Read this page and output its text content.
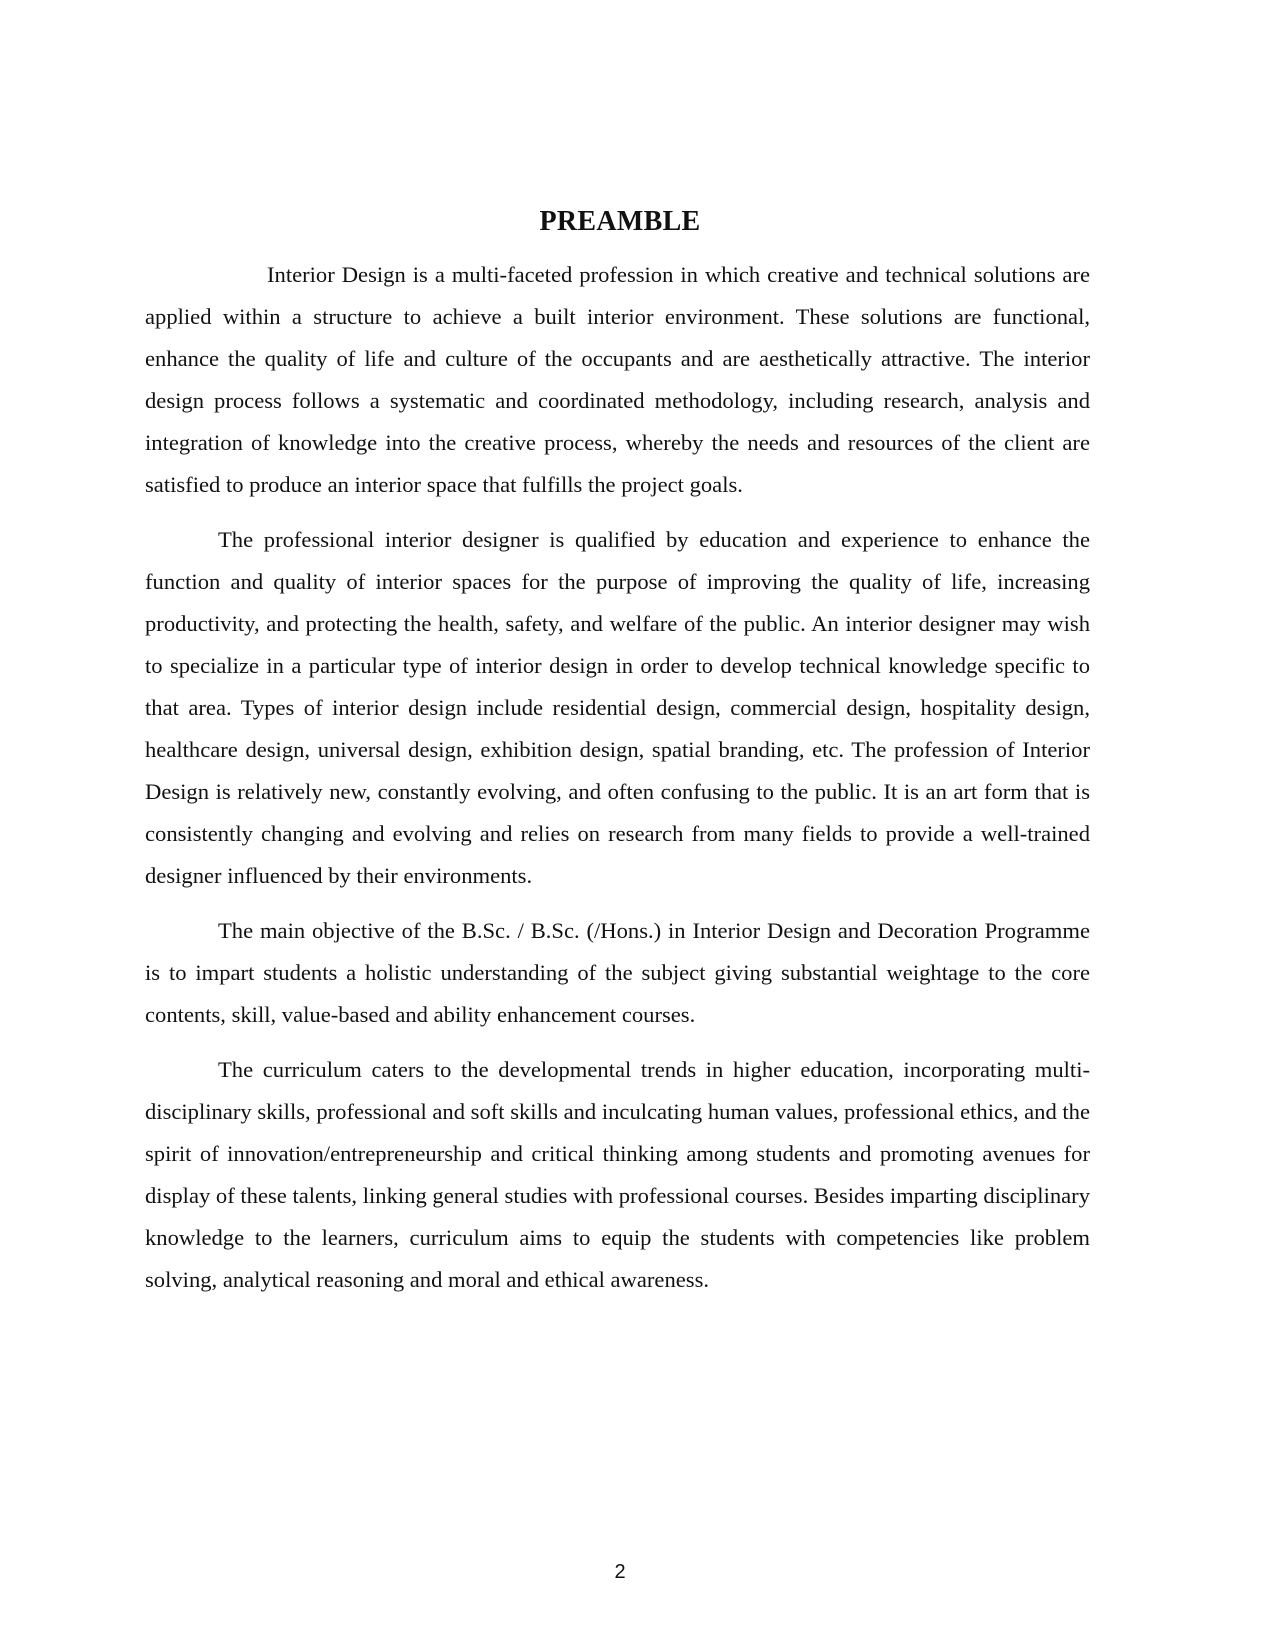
PREAMBLE

Interior Design is a multi-faceted profession in which creative and technical solutions are applied within a structure to achieve a built interior environment. These solutions are functional, enhance the quality of life and culture of the occupants and are aesthetically attractive. The interior design process follows a systematic and coordinated methodology, including research, analysis and integration of knowledge into the creative process, whereby the needs and resources of the client are satisfied to produce an interior space that fulfills the project goals.

The professional interior designer is qualified by education and experience to enhance the function and quality of interior spaces for the purpose of improving the quality of life, increasing productivity, and protecting the health, safety, and welfare of the public. An interior designer may wish to specialize in a particular type of interior design in order to develop technical knowledge specific to that area. Types of interior design include residential design, commercial design, hospitality design, healthcare design, universal design, exhibition design, spatial branding, etc. The profession of Interior Design is relatively new, constantly evolving, and often confusing to the public. It is an art form that is consistently changing and evolving and relies on research from many fields to provide a well-trained designer influenced by their environments.

The main objective of the B.Sc. / B.Sc. (/Hons.) in Interior Design and Decoration Programme is to impart students a holistic understanding of the subject giving substantial weightage to the core contents, skill, value-based and ability enhancement courses.

The curriculum caters to the developmental trends in higher education, incorporating multi-disciplinary skills, professional and soft skills and inculcating human values, professional ethics, and the spirit of innovation/entrepreneurship and critical thinking among students and promoting avenues for display of these talents, linking general studies with professional courses. Besides imparting disciplinary knowledge to the learners, curriculum aims to equip the students with competencies like problem solving, analytical reasoning and moral and ethical awareness.

2
